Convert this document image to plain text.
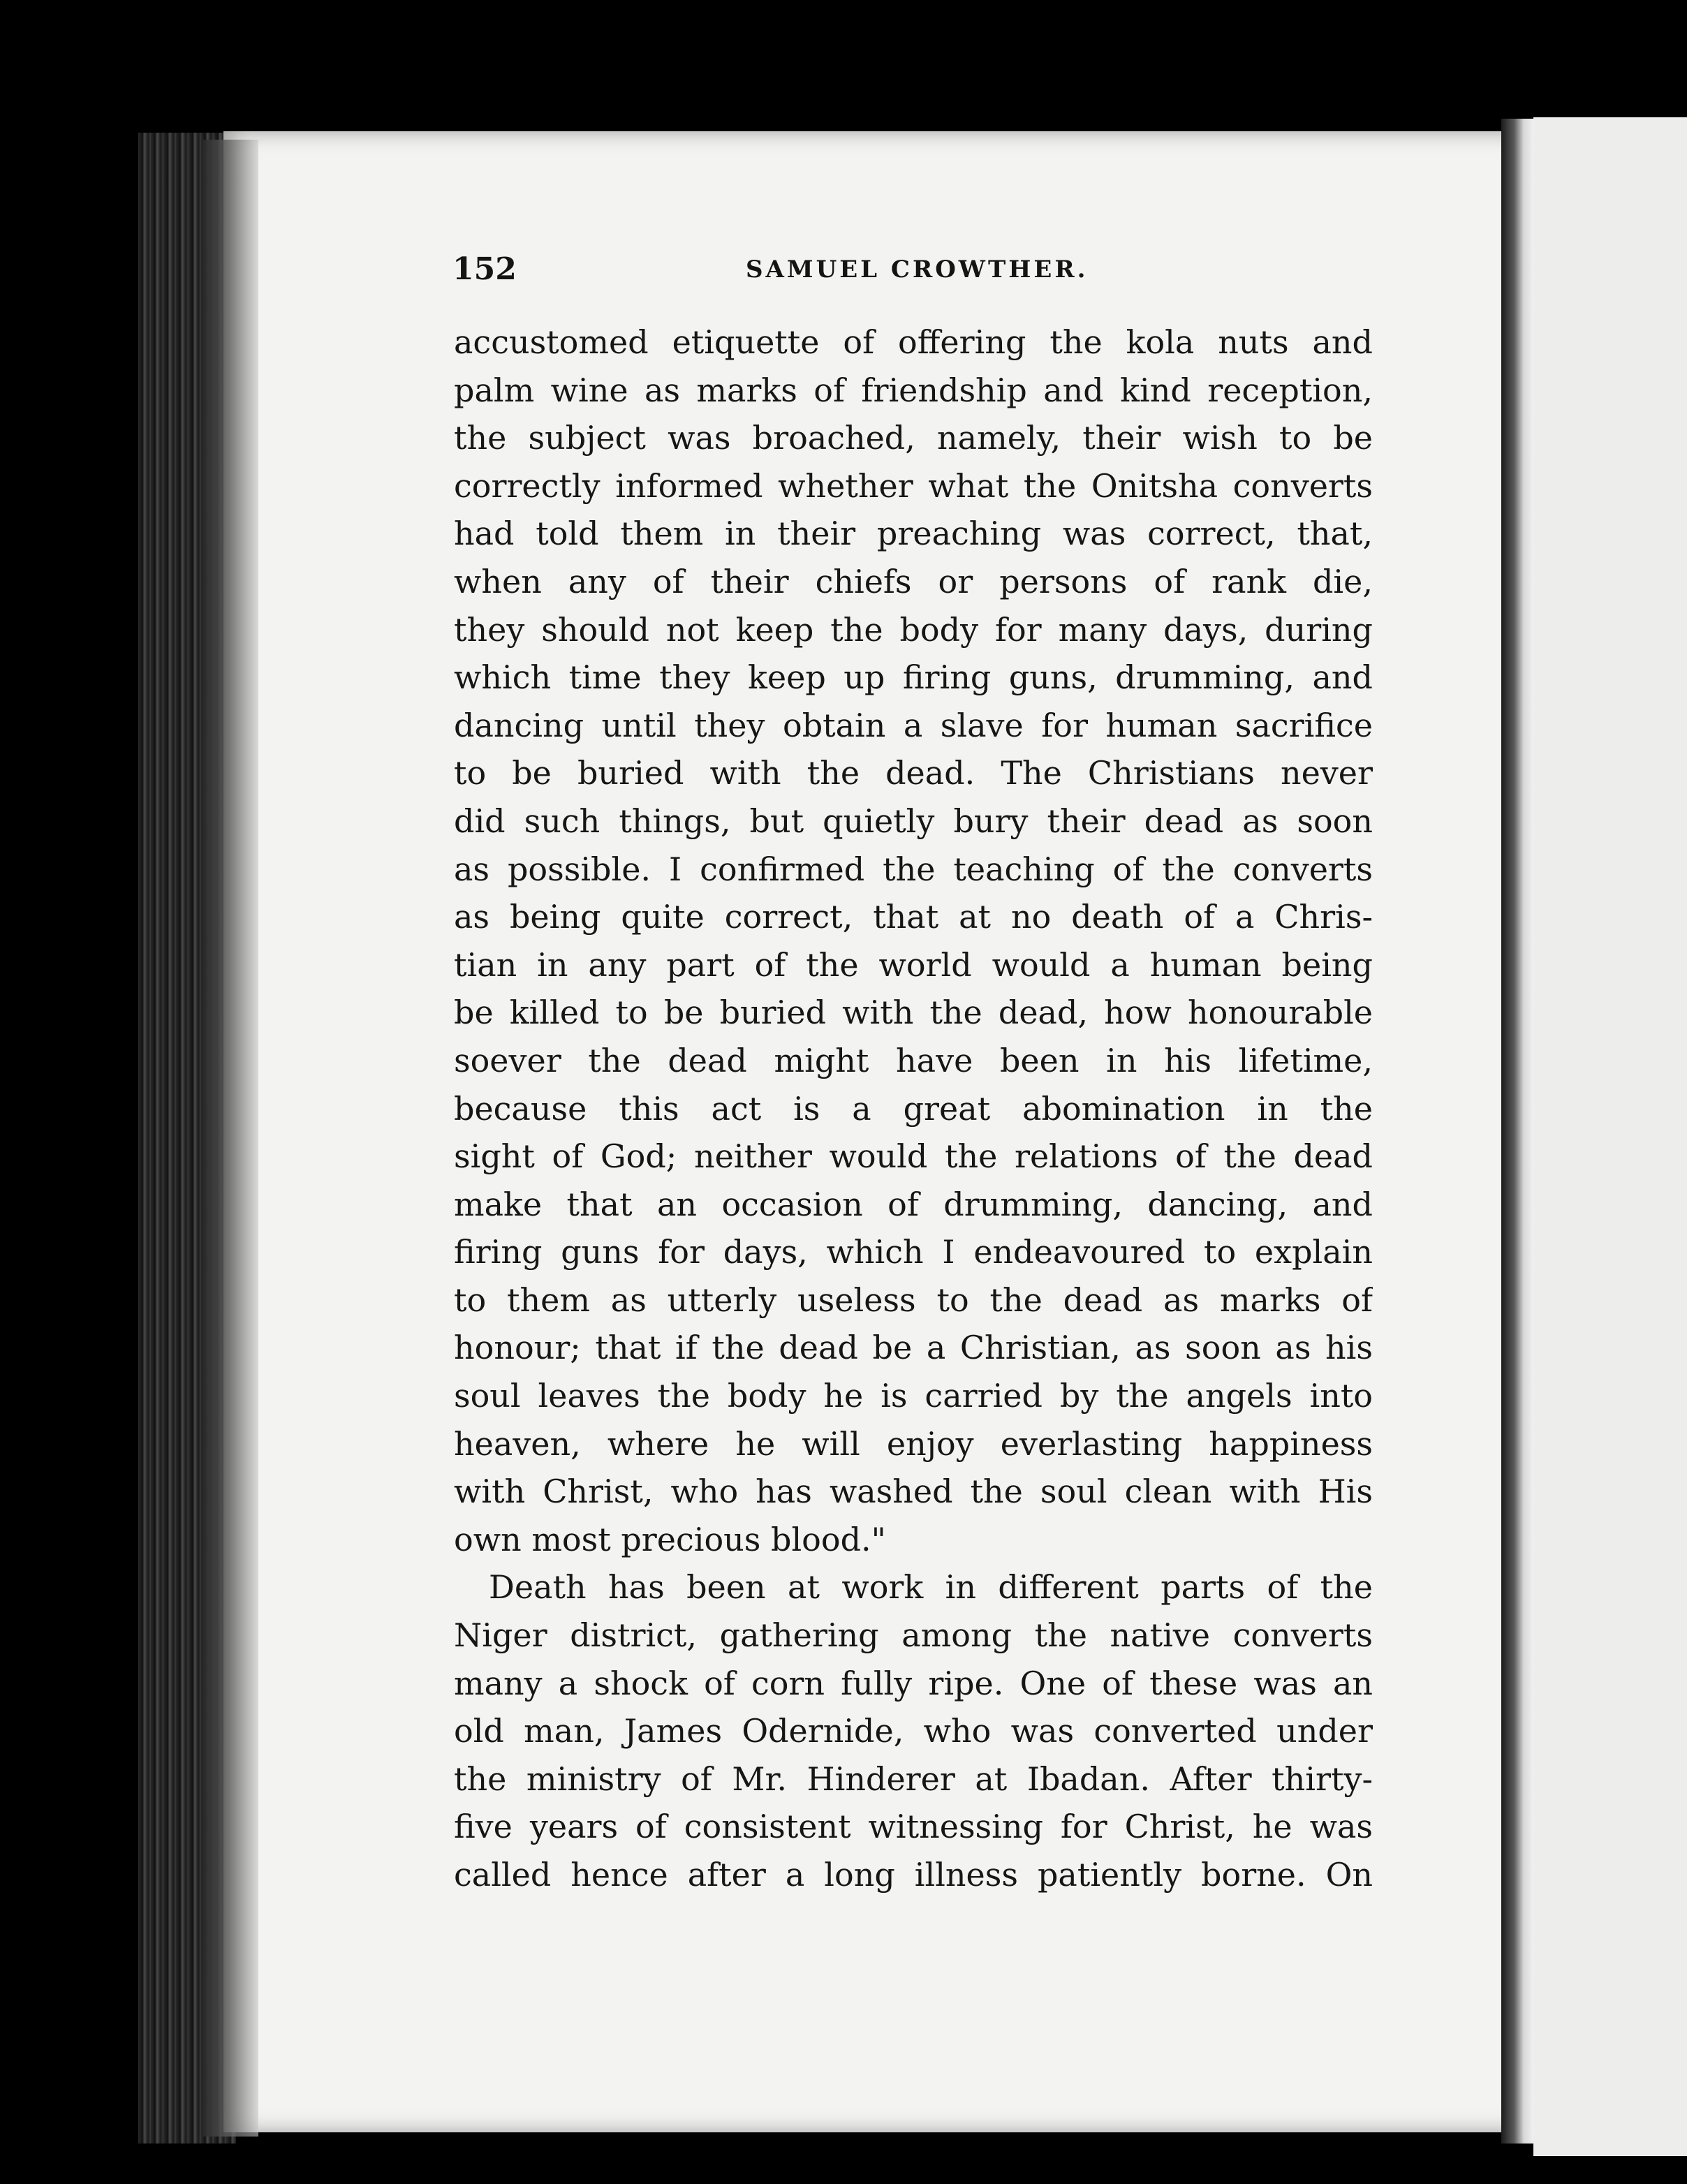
152	SAMUEL CROWTHER.
accustomed etiquette of offering the kola nuts and
palm wine as marks of friendship and kind reception,
the subject was broached, namely, their wish to be
correctly informed whether what the Onitsha converts
had told them in their preaching was correct, that,
when any of their chiefs or persons of rank die,
they should not keep the body for many days, during
which time they keep up firing guns, drumming, and
dancing until they obtain a slave for human sacrifice
to be buried with the dead. The Christians never
did such things, but quietly bury their dead as soon
as possible. I confirmed the teaching of the converts
as being quite correct, that at no death of a Chris-
tian in any part of the world would a human being
be killed to be buried with the dead, how honourable
soever the dead might have been in his lifetime,
because this act is a great abomination in the
sight of God; neither would the relations of the dead
make that an occasion of drumming, dancing, and
firing guns for days, which I endeavoured to explain
to them as utterly useless to the dead as marks of
honour; that if the dead be a Christian, as soon as his
soul leaves the body he is carried by the angels into
heaven, where he will enjoy everlasting happiness
with Christ, who has washed the soul clean with His
own most precious blood."
Death has been at work in different parts of the
Niger district, gathering among the native converts
many a shock of corn fully ripe. One of these was an
old man, James Odernide, who was converted under
the ministry of Mr. Hinderer at Ibadan. After thirty-
five years of consistent witnessing for Christ, he was
called hence after a long illness patiently borne. On
